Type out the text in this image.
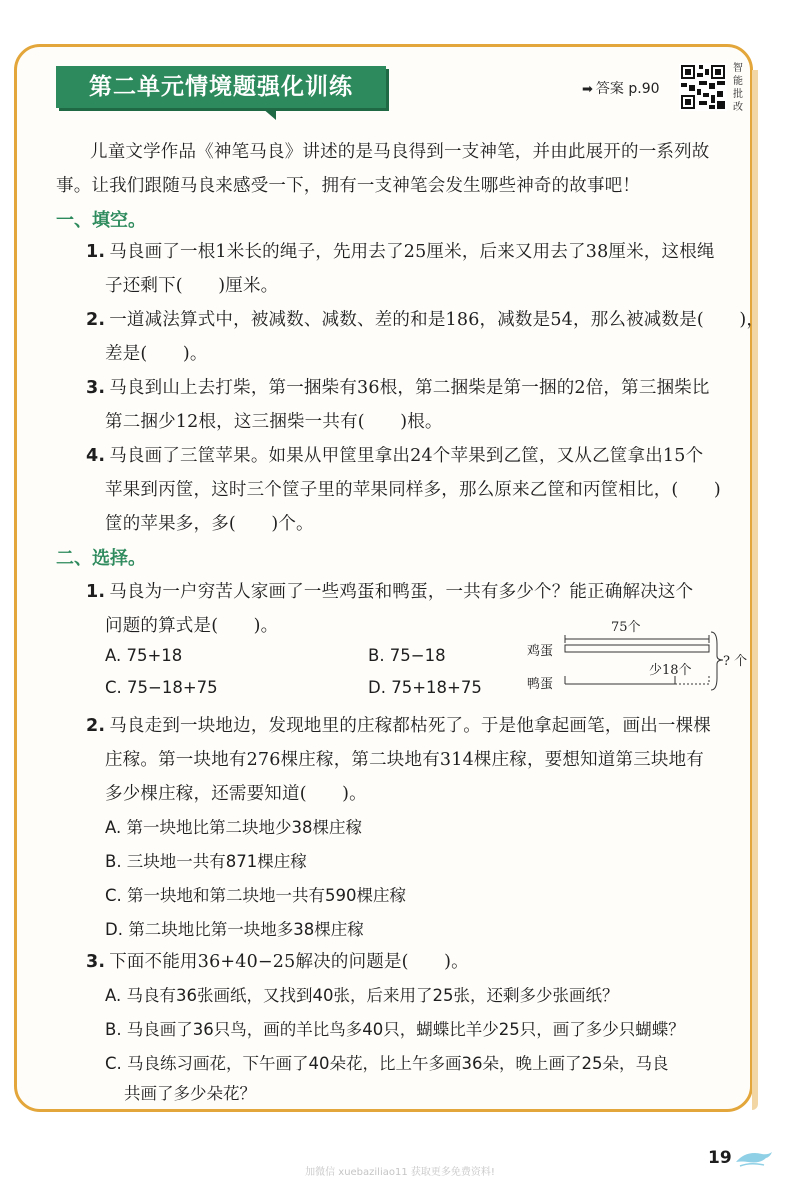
第二单元情境题强化训练	➡ 答案 p.90
智
能
批
改
儿童文学作品《神笔马良》讲述的是马良得到一支神笔，并由此展开的一系列故
事。让我们跟随马良来感受一下，拥有一支神笔会发生哪些神奇的故事吧！
一、填空。
1. 马良画了一根1米长的绳子，先用去了25厘米，后来又用去了38厘米，这根绳
子还剩下(　　)厘米。
2. 一道减法算式中，被减数、减数、差的和是186，减数是54，那么被减数是(　　)，
差是(　　)。
3. 马良到山上去打柴，第一捆柴有36根，第二捆柴是第一捆的2倍，第三捆柴比
第二捆少12根，这三捆柴一共有(　　)根。
4. 马良画了三筐苹果。如果从甲筐里拿出24个苹果到乙筐，又从乙筐拿出15个
苹果到丙筐，这时三个筐子里的苹果同样多，那么原来乙筐和丙筐相比，(　　)
筐的苹果多，多(　　)个。
二、选择。
1. 马良为一户穷苦人家画了一些鸡蛋和鸭蛋，一共有多少个？能正确解决这个
问题的算式是(　　)。
A. 75+18	B. 75−18
C. 75−18+75	D. 75+18+75
75个
鸡蛋
鸭蛋
少18个
? 个
2. 马良走到一块地边，发现地里的庄稼都枯死了。于是他拿起画笔，画出一棵棵
庄稼。第一块地有276棵庄稼，第二块地有314棵庄稼，要想知道第三块地有
多少棵庄稼，还需要知道(　　)。
A. 第一块地比第二块地少38棵庄稼
B. 三块地一共有871棵庄稼
C. 第一块地和第二块地一共有590棵庄稼
D. 第二块地比第一块地多38棵庄稼
3. 下面不能用36+40−25解决的问题是(　　)。
A. 马良有36张画纸，又找到40张，后来用了25张，还剩多少张画纸？
B. 马良画了36只鸟，画的羊比鸟多40只，蝴蝶比羊少25只，画了多少只蝴蝶？
C. 马良练习画花，下午画了40朵花，比上午多画36朵，晚上画了25朵，马良
共画了多少朵花？
19
加微信 xuebaziliao11 获取更多免费资料!
